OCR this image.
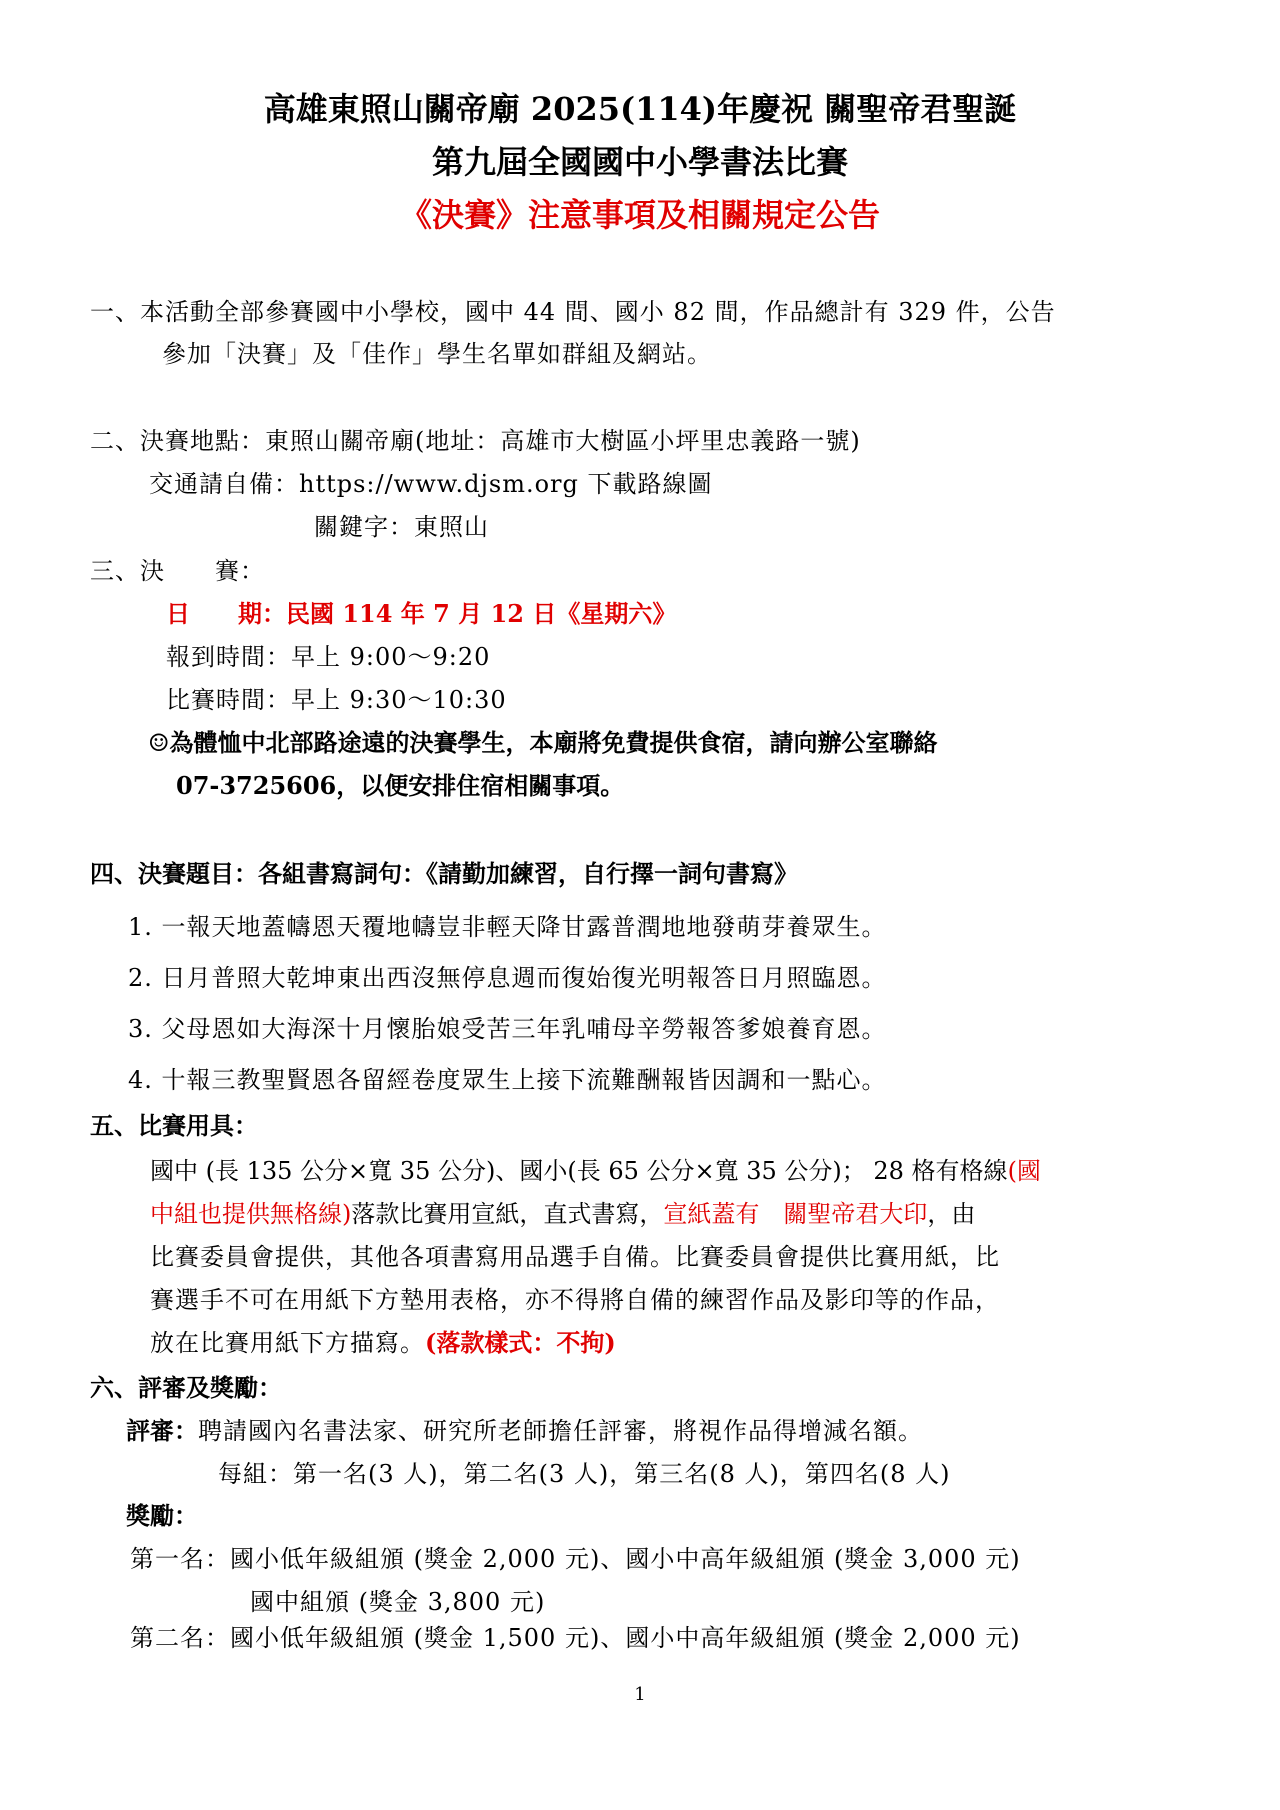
高雄東照山關帝廟 2025(114)年慶祝 關聖帝君聖誕
第九屆全國國中小學書法比賽
《決賽》注意事項及相關規定公告
一、本活動全部參賽國中小學校，國中 44 間、國小 82 間，作品總計有 329 件，公告
參加「決賽」及「佳作」學生名單如群組及網站。
二、決賽地點：東照山關帝廟(地址：高雄市大樹區小坪里忠義路一號)
交通請自備：https://www.djsm.org 下載路線圖
關鍵字：東照山
三、決　　賽：
日　　期：民國 114 年 7 月 12 日《星期六》
報到時間：早上 9:00～9:20
比賽時間：早上 9:30～10:30
☺為體恤中北部路途遠的決賽學生，本廟將免費提供食宿，請向辦公室聯絡
07-3725606，以便安排住宿相關事項。
四、決賽題目：各組書寫詞句：《請勤加練習，自行擇一詞句書寫》
1. 一報天地蓋幬恩天覆地幬豈非輕天降甘露普潤地地發萌芽養眾生。
2. 日月普照大乾坤東出西沒無停息週而復始復光明報答日月照臨恩。
3. 父母恩如大海深十月懷胎娘受苦三年乳哺母辛勞報答爹娘養育恩。
4. 十報三教聖賢恩各留經卷度眾生上接下流難酬報皆因調和一點心。
五、比賽用具：
國中 (長 135 公分×寬 35 公分)、國小(長 65 公分×寬 35 公分)； 28 格有格線(國
中組也提供無格線)落款比賽用宣紙，直式書寫，宣紙蓋有　關聖帝君大印，由
比賽委員會提供，其他各項書寫用品選手自備。比賽委員會提供比賽用紙，比
賽選手不可在用紙下方墊用表格，亦不得將自備的練習作品及影印等的作品，
放在比賽用紙下方描寫。(落款樣式：不拘)
六、評審及獎勵：
評審：聘請國內名書法家、研究所老師擔任評審，將視作品得增減名額。
每組：第一名(3 人)，第二名(3 人)，第三名(8 人)，第四名(8 人)
獎勵：
第一名：國小低年級組頒 (獎金 2,000 元)、國小中高年級組頒 (獎金 3,000 元)
國中組頒 (獎金 3,800 元)
第二名：國小低年級組頒 (獎金 1,500 元)、國小中高年級組頒 (獎金 2,000 元)
1
